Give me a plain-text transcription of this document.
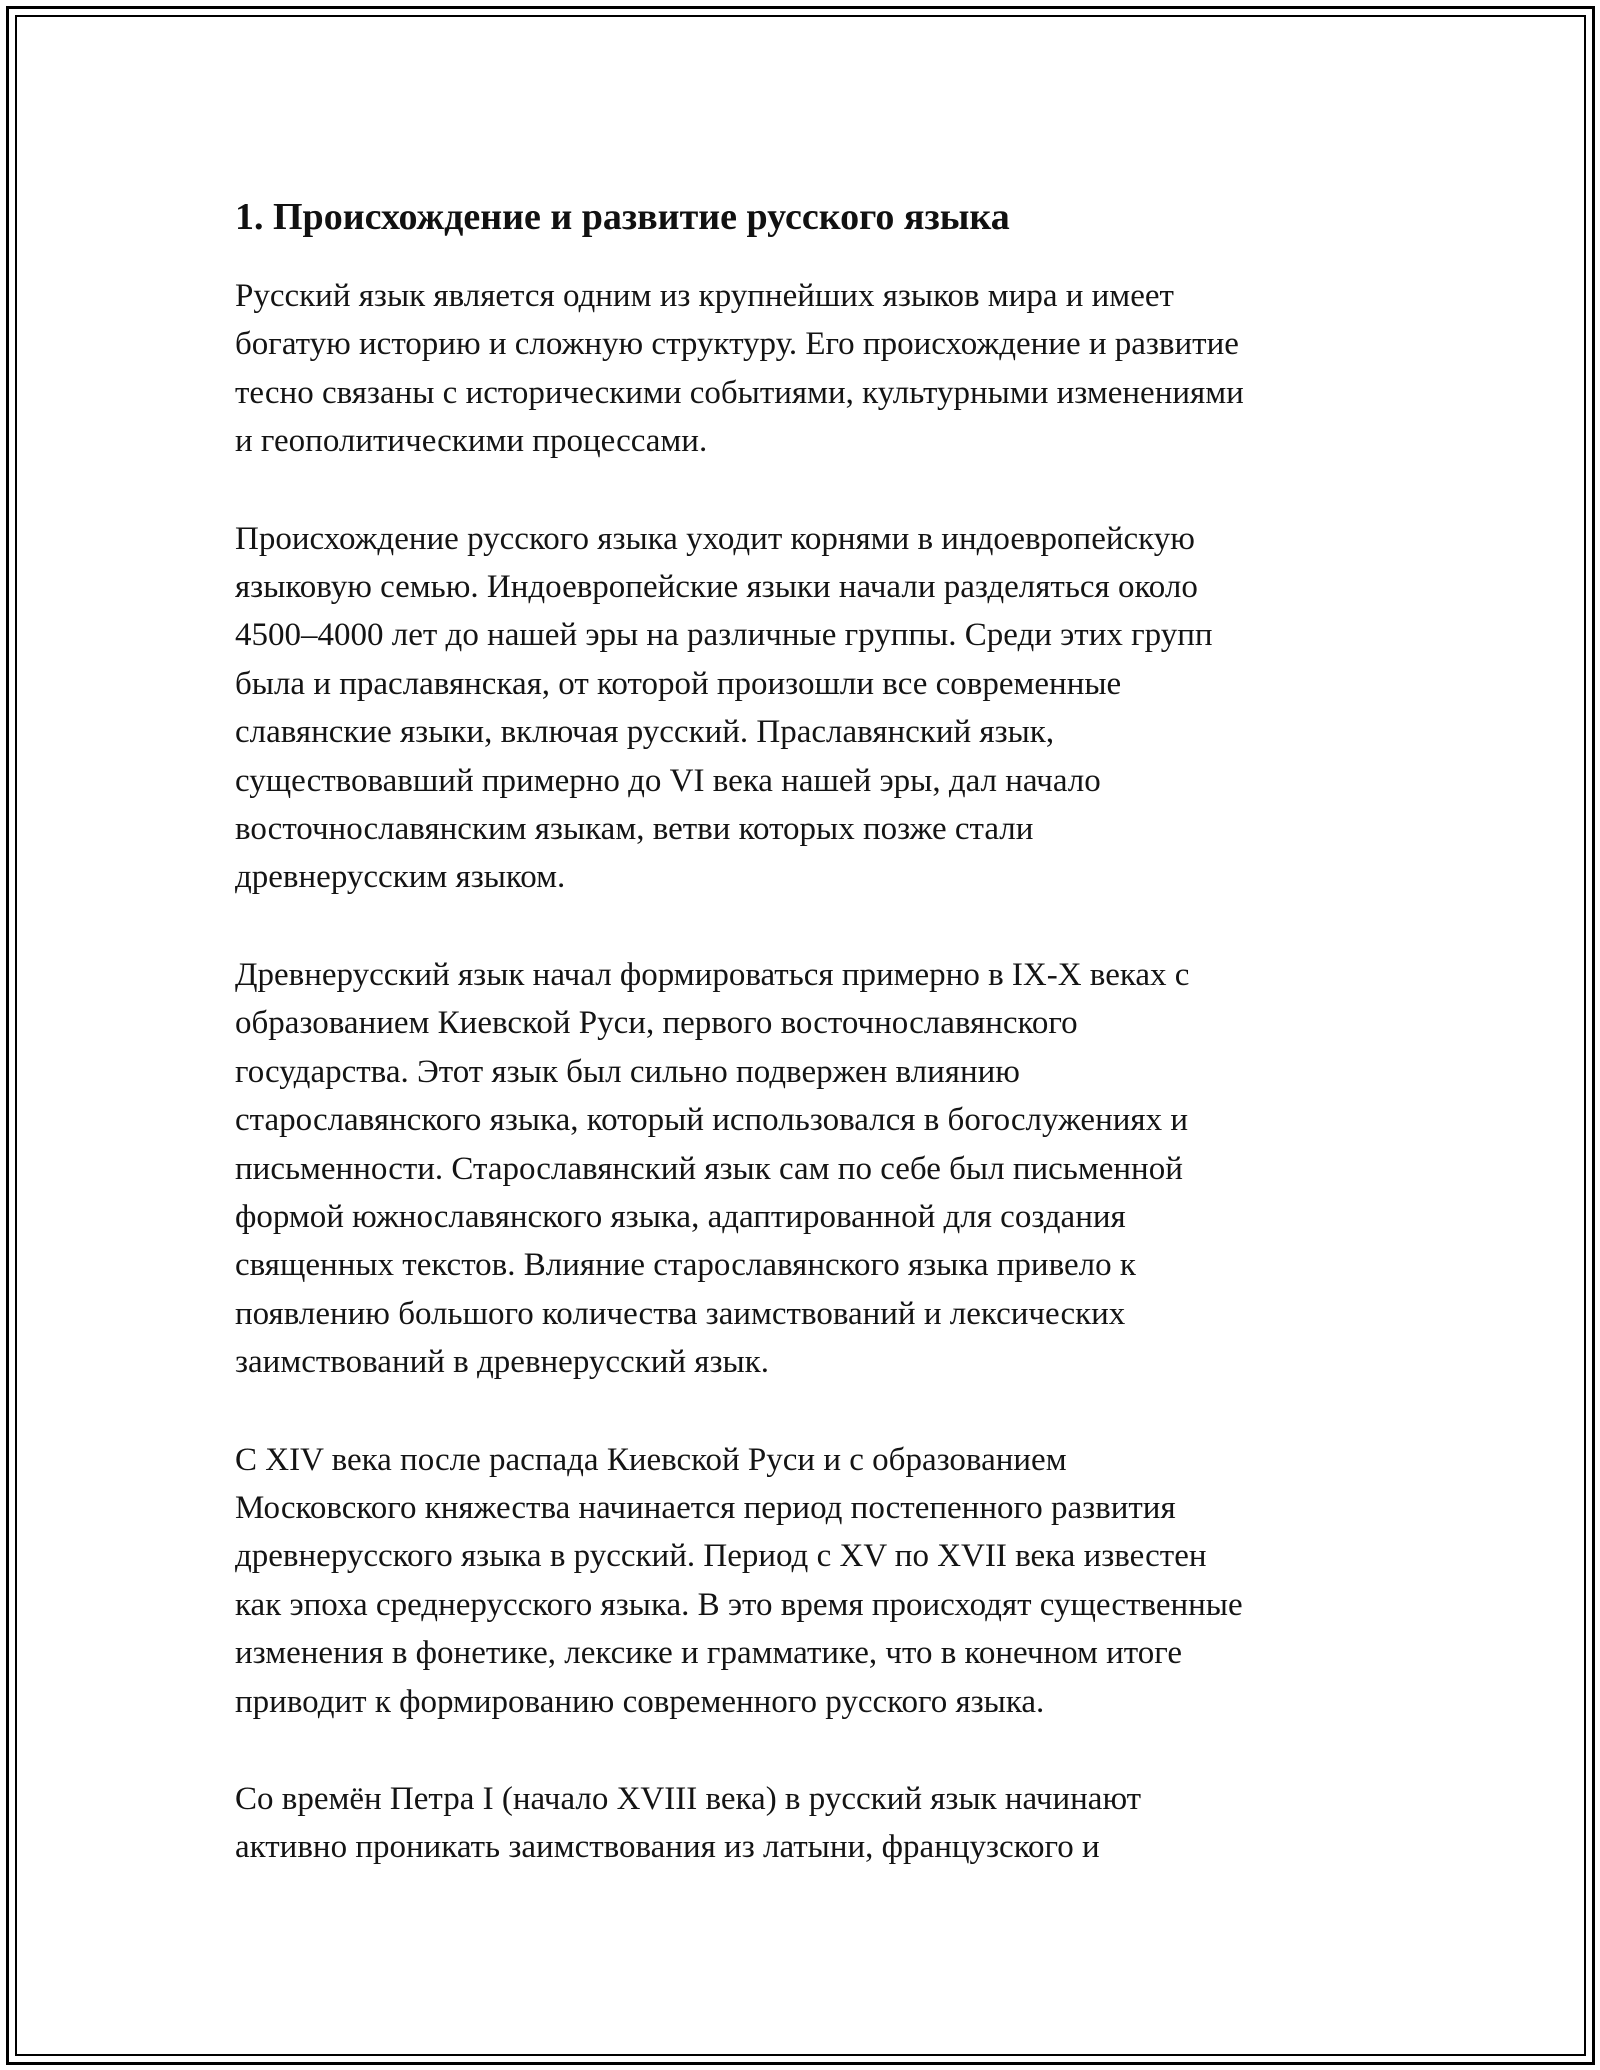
1. Происхождение и развитие русского языка

Русский язык является одним из крупнейших языков мира и имеет
богатую историю и сложную структуру. Его происхождение и развитие
тесно связаны с историческими событиями, культурными изменениями
и геополитическими процессами.

Происхождение русского языка уходит корнями в индоевропейскую
языковую семью. Индоевропейские языки начали разделяться около
4500–4000 лет до нашей эры на различные группы. Среди этих групп
была и праславянская, от которой произошли все современные
славянские языки, включая русский. Праславянский язык,
существовавший примерно до VI века нашей эры, дал начало
восточнославянским языкам, ветви которых позже стали
древнерусским языком.

Древнерусский язык начал формироваться примерно в IX-X веках с
образованием Киевской Руси, первого восточнославянского
государства. Этот язык был сильно подвержен влиянию
старославянского языка, который использовался в богослужениях и
письменности. Старославянский язык сам по себе был письменной
формой южнославянского языка, адаптированной для создания
священных текстов. Влияние старославянского языка привело к
появлению большого количества заимствований и лексических
заимствований в древнерусский язык.

С XIV века после распада Киевской Руси и с образованием
Московского княжества начинается период постепенного развития
древнерусского языка в русский. Период с XV по XVII века известен
как эпоха среднерусского языка. В это время происходят существенные
изменения в фонетике, лексике и грамматике, что в конечном итоге
приводит к формированию современного русского языка.

Со времён Петра I (начало XVIII века) в русский язык начинают
активно проникать заимствования из латыни, французского и
